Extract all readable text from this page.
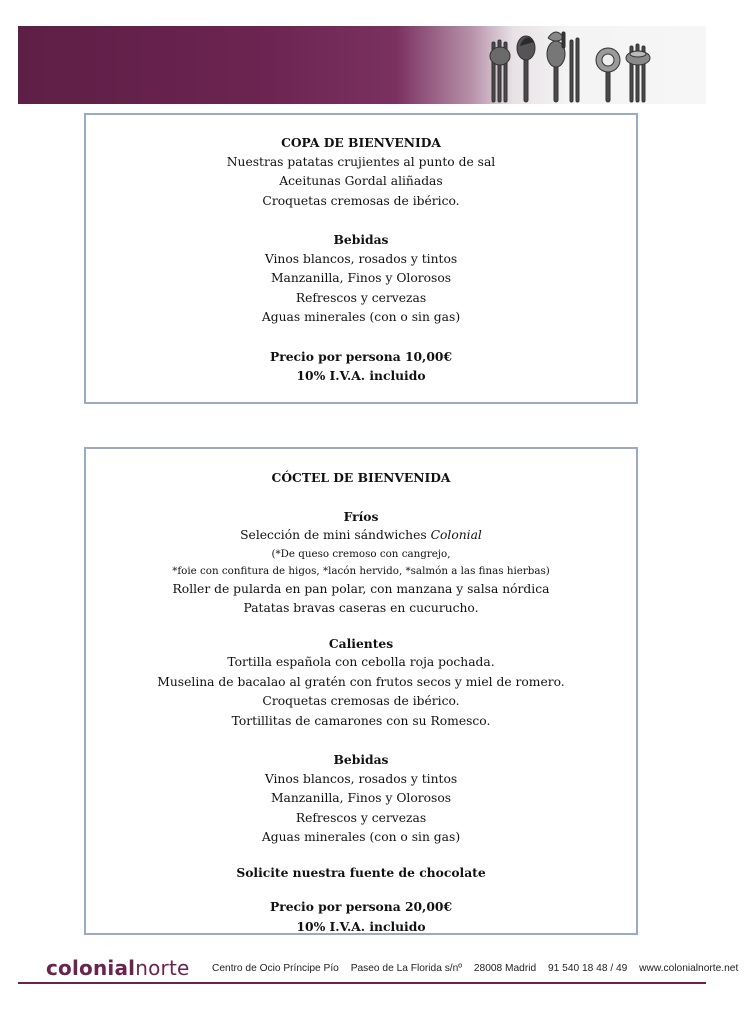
COPA DE BIENVENIDA
Nuestras patatas crujientes al punto de sal
Aceitunas Gordal aliñadas
Croquetas cremosas de ibérico.
Bebidas
Vinos blancos, rosados y tintos
Manzanilla, Finos y Olorosos
Refrescos y cervezas
Aguas minerales (con o sin gas)
Precio por persona 10,00€
10% I.V.A. incluido
CÓCTEL DE BIENVENIDA
Fríos
Selección de mini sándwiches Colonial
(*De queso cremoso con cangrejo,
*foie con confitura de higos, *lacón hervido, *salmón a las finas hierbas)
Roller de pularda en pan polar, con manzana y salsa nórdica
Patatas bravas caseras en cucurucho.
Calientes
Tortilla española con cebolla roja pochada.
Muselina de bacalao al gratén con frutos secos y miel de romero.
Croquetas cremosas de ibérico.
Tortillitas de camarones con su Romesco.
Bebidas
Vinos blancos, rosados y tintos
Manzanilla, Finos y Olorosos
Refrescos y cervezas
Aguas minerales (con o sin gas)
Solicite nuestra fuente de chocolate
Precio por persona 20,00€
10% I.V.A. incluido
colonialnorte Centro de Ocio Príncipe Pío Paseo de La Florida s/nº 28008 Madrid 91 540 18 48 / 49 www.colonialnorte.net
